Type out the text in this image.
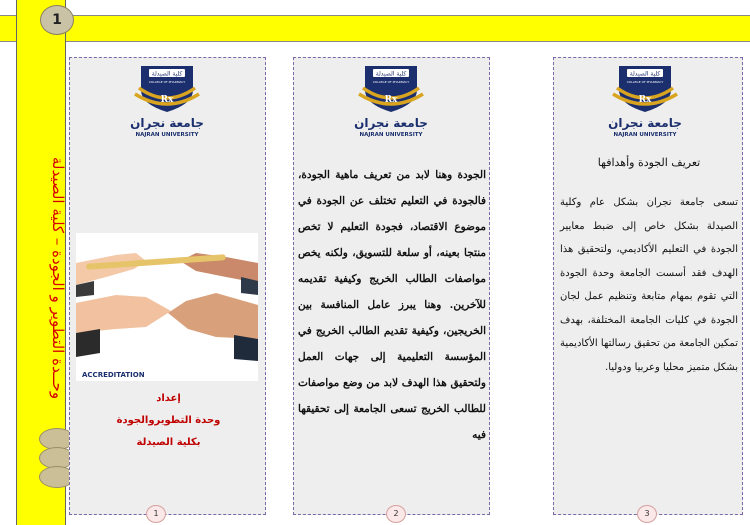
1
وحــدة التطوير و الجودة – كلية الصيدلة
كلية الصيدلة
COLLEGE OF PHARMACY
Rx
جامعة نجران
NAJRAN UNIVERSITY
ACCREDITATION
إعداد
وحدة التطويروالجودة
بكلية الصيدلة
1
كلية الصيدلة
COLLEGE OF PHARMACY
Rx
جامعة نجران
NAJRAN UNIVERSITY
الجودة وهنا لابد من تعريف ماهية الجودة، فالجودة في التعليم تختلف عن الجودة في موضوع الاقتصاد، فجودة التعليم لا تخص منتجا بعينه، أو سلعة للتسويق، ولكنه يخص مواصفات الطالب الخريج وكيفية تقديمه للآخرين. وهنا يبرز عامل المنافسة بين الخريجين، وكيفية تقديم الطالب الخريج في المؤسسة التعليمية إلى جهات العمل ولتحقيق هذا الهدف لابد من وضع مواصفات للطالب الخريج تسعى الجامعة إلى تحقيقها فيه
2
كلية الصيدلة
COLLEGE OF PHARMACY
Rx
جامعة نجران
NAJRAN UNIVERSITY
تعريف الجودة وأهدافها
تسعى جامعة نجران بشكل عام وكلية الصيدلة بشكل خاص إلى ضبط معايير الجودة في التعليم الأكاديمي، ولتحقيق هذا الهدف فقد أسست الجامعة وحدة الجودة التي تقوم بمهام متابعة وتنظيم عمل لجان الجودة في كليات الجامعة المختلفة، بهدف تمكين الجامعة من تحقيق رسالتها الأكاديمية بشكل متميز محليا وعربيا ودوليا.
3
